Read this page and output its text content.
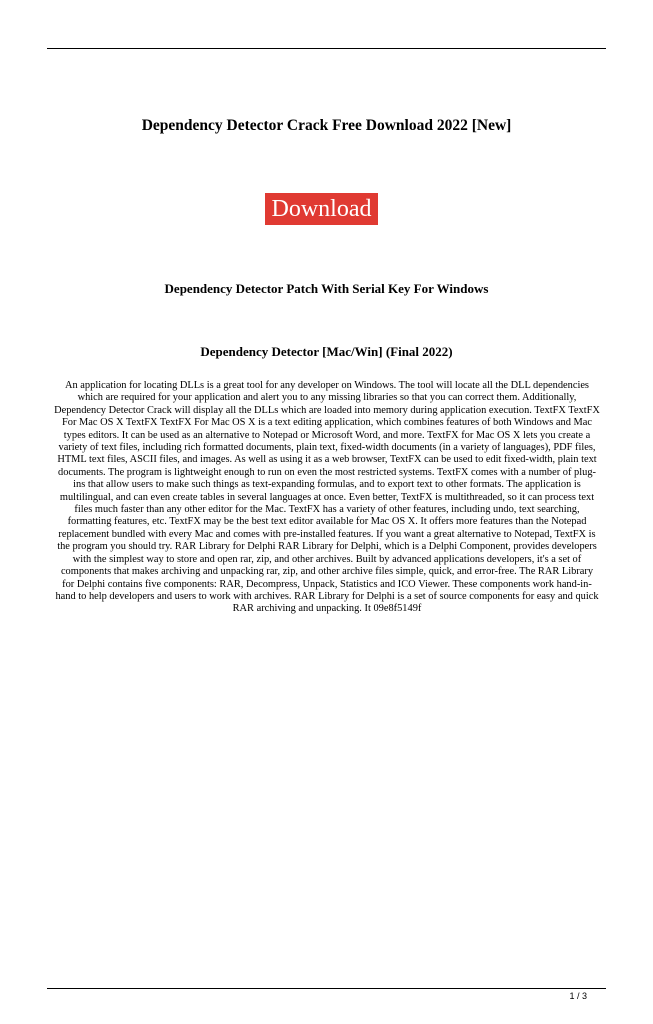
Dependency Detector Crack Free Download 2022 [New]
Download
Dependency Detector Patch With Serial Key For Windows
Dependency Detector [Mac/Win] (Final 2022)
An application for locating DLLs is a great tool for any developer on Windows. The tool will locate all the DLL dependencies which are required for your application and alert you to any missing libraries so that you can correct them. Additionally, Dependency Detector Crack will display all the DLLs which are loaded into memory during application execution. TextFX TextFX For Mac OS X TextFX TextFX For Mac OS X is a text editing application, which combines features of both Windows and Mac types editors. It can be used as an alternative to Notepad or Microsoft Word, and more. TextFX for Mac OS X lets you create a variety of text files, including rich formatted documents, plain text, fixed-width documents (in a variety of languages), PDF files, HTML text files, ASCII files, and images. As well as using it as a web browser, TextFX can be used to edit fixed-width, plain text documents. The program is lightweight enough to run on even the most restricted systems. TextFX comes with a number of plug-ins that allow users to make such things as text-expanding formulas, and to export text to other formats. The application is multilingual, and can even create tables in several languages at once. Even better, TextFX is multithreaded, so it can process text files much faster than any other editor for the Mac. TextFX has a variety of other features, including undo, text searching, formatting features, etc. TextFX may be the best text editor available for Mac OS X. It offers more features than the Notepad replacement bundled with every Mac and comes with pre-installed features. If you want a great alternative to Notepad, TextFX is the program you should try. RAR Library for Delphi RAR Library for Delphi, which is a Delphi Component, provides developers with the simplest way to store and open rar, zip, and other archives. Built by advanced applications developers, it's a set of components that makes archiving and unpacking rar, zip, and other archive files simple, quick, and error-free. The RAR Library for Delphi contains five components: RAR, Decompress, Unpack, Statistics and ICO Viewer. These components work hand-in-hand to help developers and users to work with archives. RAR Library for Delphi is a set of source components for easy and quick RAR archiving and unpacking. It 09e8f5149f
1 / 3
